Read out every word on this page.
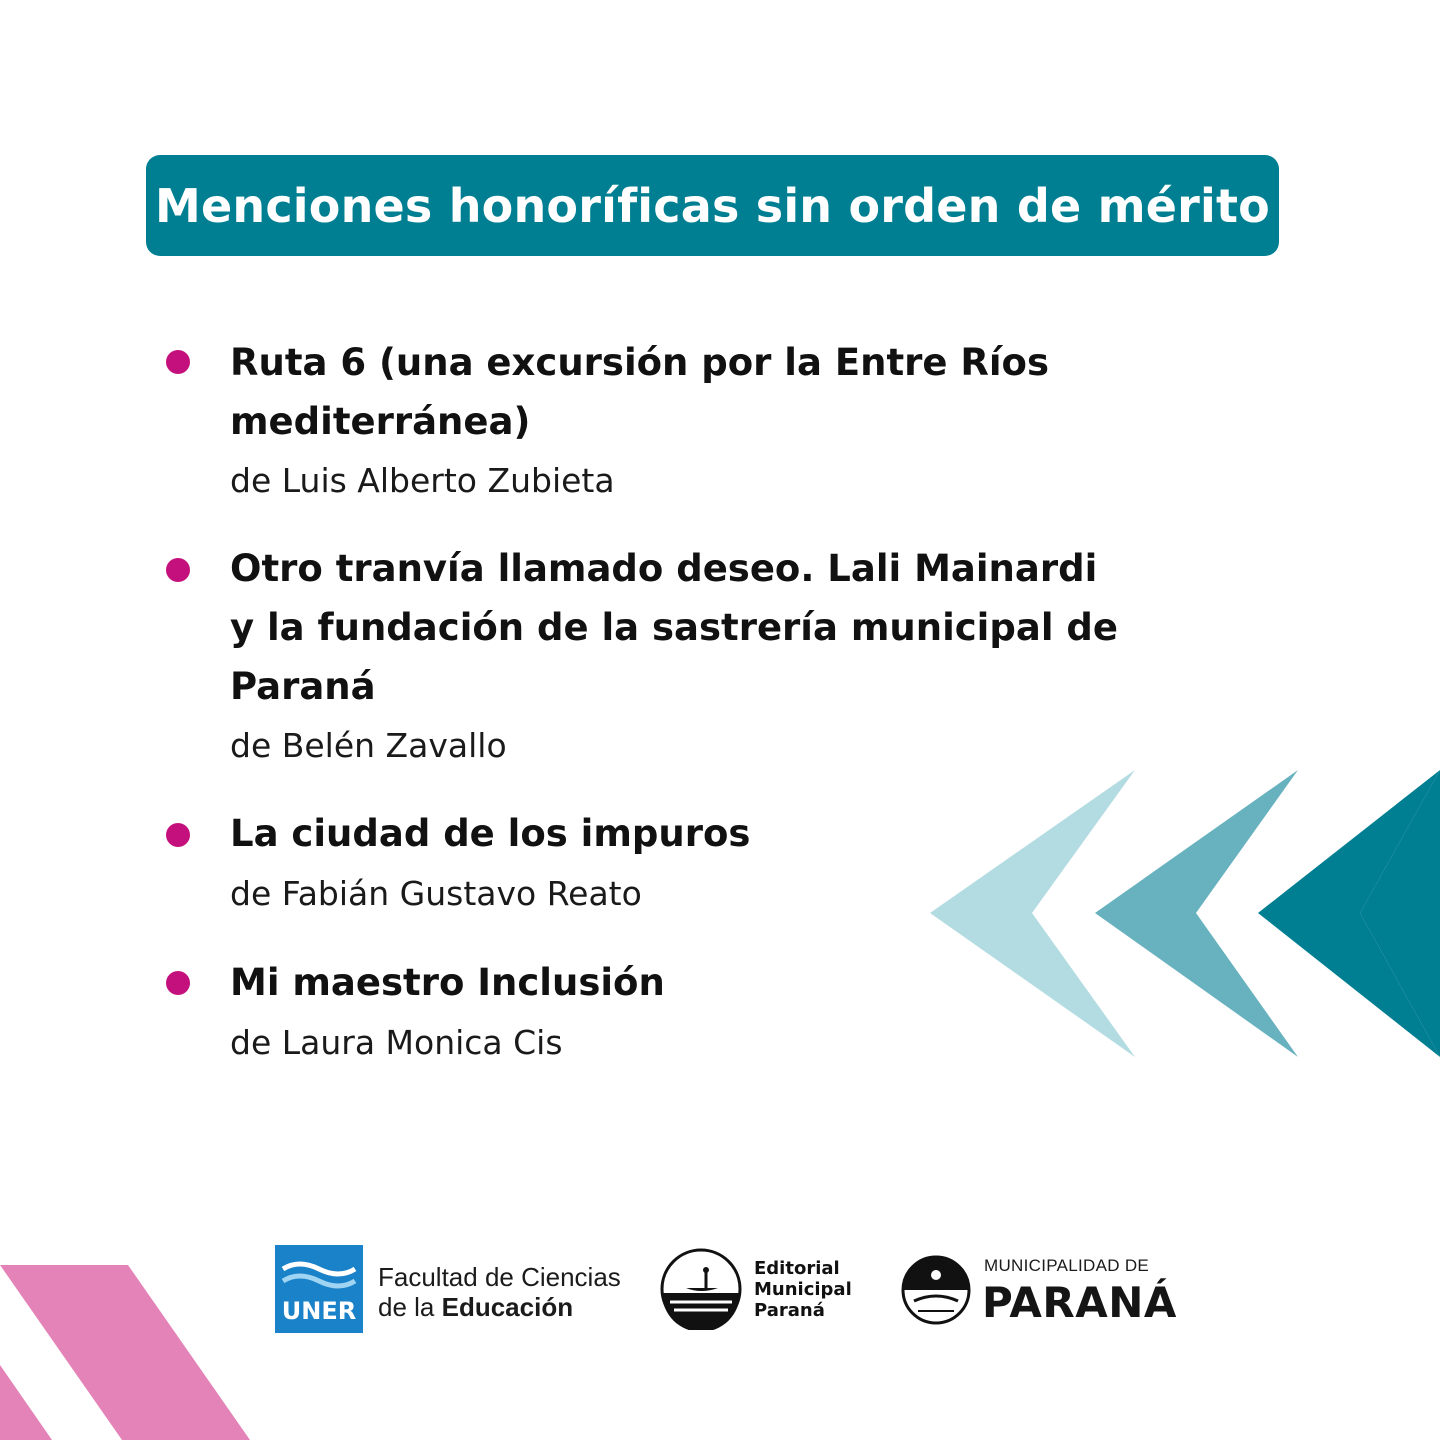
Menciones honoríficas sin orden de mérito

Ruta 6 (una excursión por la Entre Ríos mediterránea)

de Luis Alberto Zubieta

Otro tranvía llamado deseo. Lali Mainardi y la fundación de la sastrería municipal de Paraná

de Belén Zavallo

La ciudad de los impuros

de Fabián Gustavo Reato

Mi maestro Inclusión

de Laura Monica Cis

UNER
Facultad de Ciencias
de la Educación
Editorial
Municipal
Paraná
MUNICIPALIDAD DE
PARANÁ
